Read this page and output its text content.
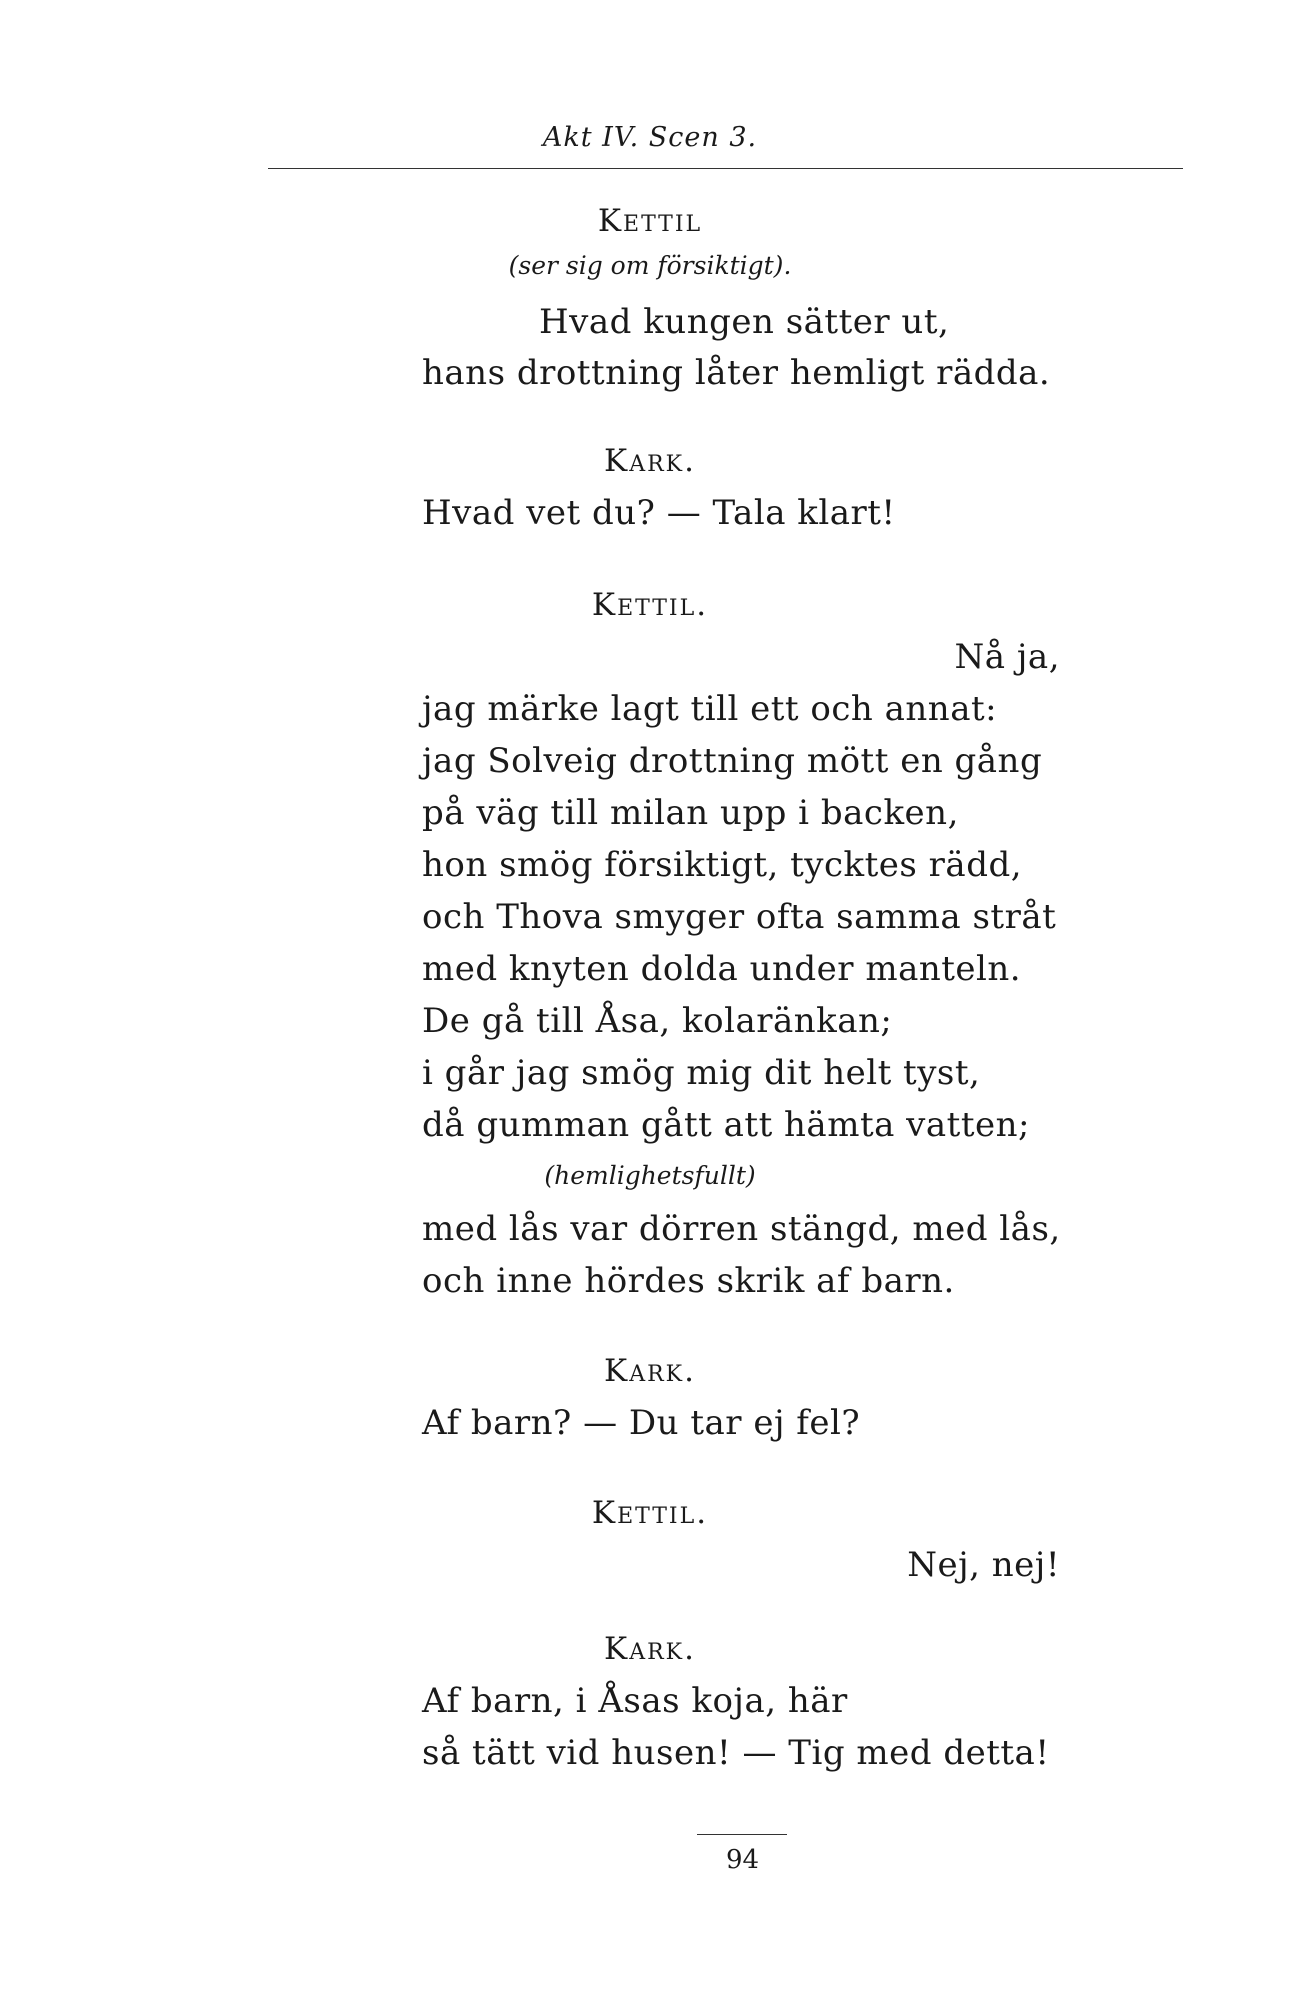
Akt IV. Scen 3.
Kettil
(ser sig om försiktigt).
Hvad kungen sätter ut,
hans drottning låter hemligt rädda.
Kark.
Hvad vet du? — Tala klart!
Kettil.
Nå ja,
jag märke lagt till ett och annat:
jag Solveig drottning mött en gång
på väg till milan upp i backen,
hon smög försiktigt, tycktes rädd,
och Thova smyger ofta samma stråt
med knyten dolda under manteln.
De gå till Åsa, kolaränkan;
i går jag smög mig dit helt tyst,
då gumman gått att hämta vatten;
(hemlighetsfullt)
med lås var dörren stängd, med lås,
och inne hördes skrik af barn.
Kark.
Af barn? — Du tar ej fel?
Kettil.
Nej, nej!
Kark.
Af barn, i Åsas koja, här
så tätt vid husen! — Tig med detta!
94
